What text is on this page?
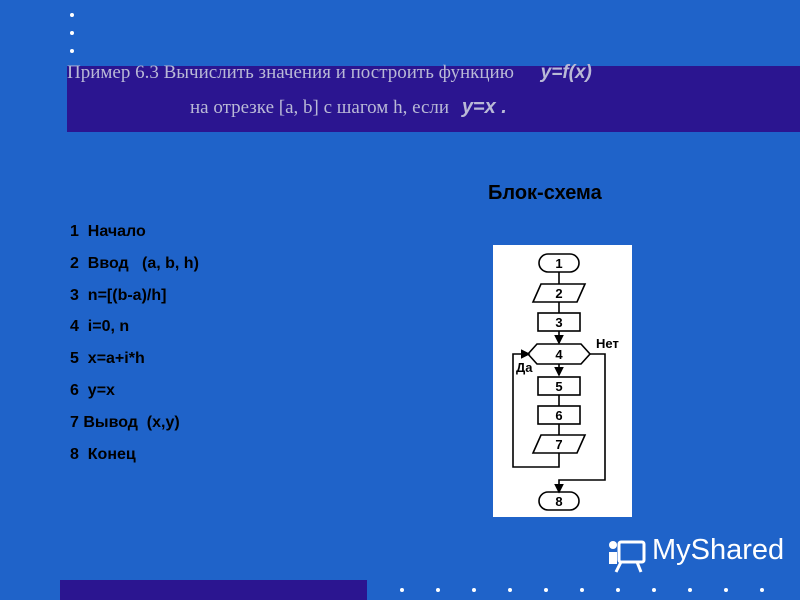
Пример 6.3 Вычислить значения и построить функцию y=f(x)
на отрезке [a, b] с шагом h, если y=x .
Блок-схема
1  Начало
2  Ввод   (a, b, h)
3  n=[(b-a)/h]
4  i=0, n
5  x=a+i*h
6  y=x
7 Вывод  (x,y)
8  Конец
1
2
3
4
5
6
7
8
Да
Нет
MyShared
